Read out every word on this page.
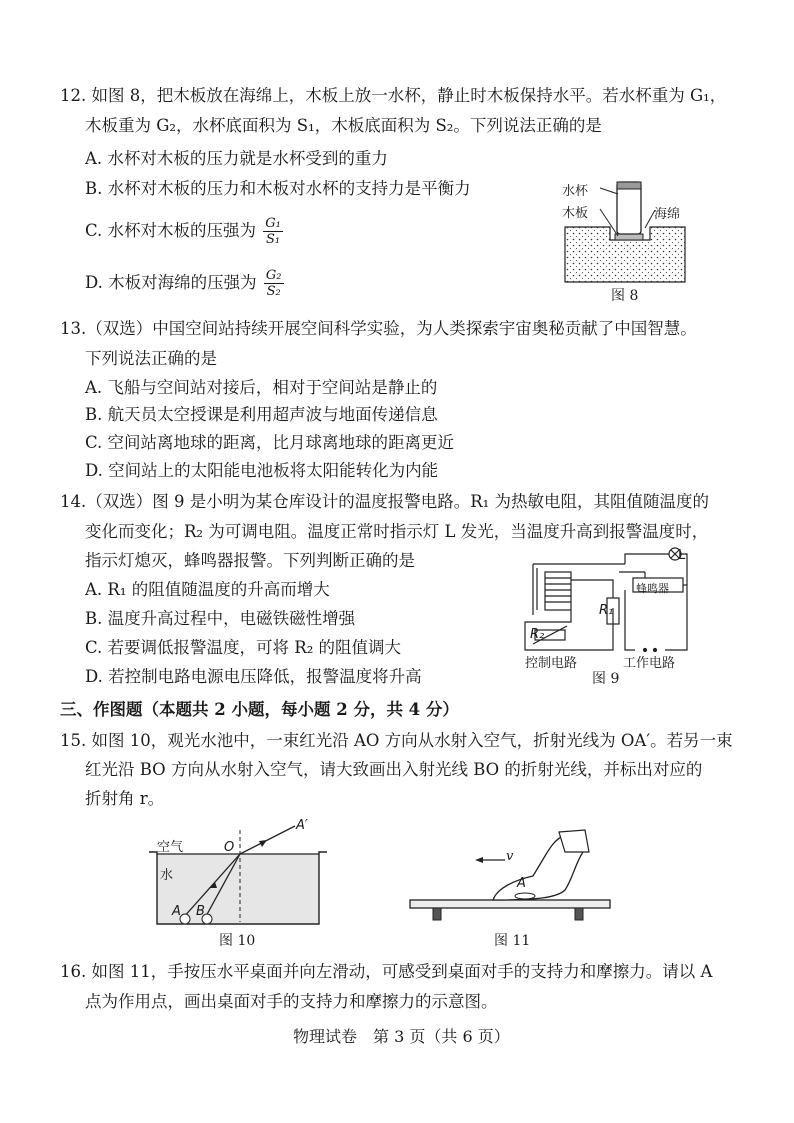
12. 如图 8，把木板放在海绵上，木板上放一水杯，静止时木板保持水平。若水杯重为 G₁，
木板重为 G₂，水杯底面积为 S₁，木板底面积为 S₂。下列说法正确的是
A. 水杯对木板的压力就是水杯受到的重力
B. 水杯对木板的压力和木板对水杯的支持力是平衡力
C. 水杯对木板的压强为 $\frac{\text{G₁}}{\text{S₁}}$
D. 木板对海绵的压强为 $\frac{\text{G₂}}{\text{S₂}}$
水杯
木板	海绵
图 8
13.（双选）中国空间站持续开展空间科学实验，为人类探索宇宙奥秘贡献了中国智慧。
下列说法正确的是
A. 飞船与空间站对接后，相对于空间站是静止的
B. 航天员太空授课是利用超声波与地面传递信息
C. 空间站离地球的距离，比月球离地球的距离更近
D. 空间站上的太阳能电池板将太阳能转化为内能
14.（双选）图 9 是小明为某仓库设计的温度报警电路。R₁ 为热敏电阻，其阻值随温度的
变化而变化；R₂ 为可调电阻。温度正常时指示灯 L 发光，当温度升高到报警温度时，
指示灯熄灭，蜂鸣器报警。下列判断正确的是
A. R₁ 的阻值随温度的升高而增大
B. 温度升高过程中，电磁铁磁性增强
C. 若要调低报警温度，可将 R₂ 的阻值调大
D. 若控制电路电源电压降低，报警温度将升高
L
蜂鸣器
R₁
R₂
控制电路	工作电路
图 9
三、作图题（本题共 2 小题，每小题 2 分，共 4 分）
15. 如图 10，观光水池中，一束红光沿 AO 方向从水射入空气，折射光线为 OA′。若另一束
红光沿 BO 方向从水射入空气，请大致画出入射光线 BO 的折射光线，并标出对应的
折射角 r。
空气
水
O
A′
A B
图 10
v
A
图 11
16. 如图 11，手按压水平桌面并向左滑动，可感受到桌面对手的支持力和摩擦力。请以 A
点为作用点，画出桌面对手的支持力和摩擦力的示意图。
物理试卷　第 3 页（共 6 页）
